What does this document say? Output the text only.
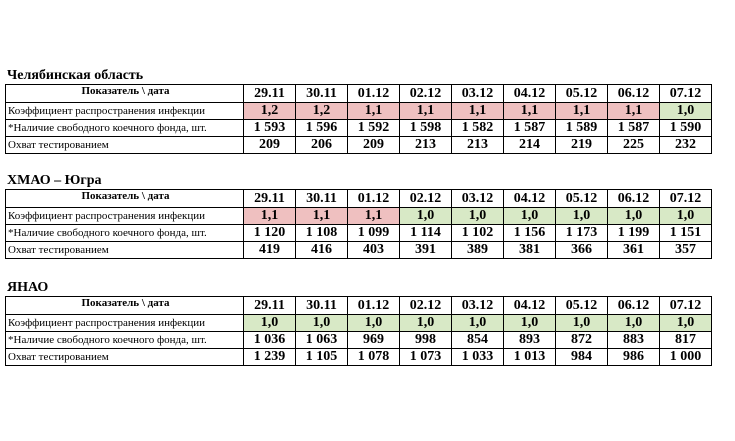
Челябинская область
Показатель \ дата	29.11	30.11	01.12	02.12	03.12	04.12	05.12	06.12	07.12
Коэффициент распространения инфекции	1,2	1,2	1,1	1,1	1,1	1,1	1,1	1,1	1,0
*Наличие свободного коечного фонда, шт.	1 593	1 596	1 592	1 598	1 582	1 587	1 589	1 587	1 590
Охват тестированием	209	206	209	213	213	214	219	225	232
ХМАО – Югра
Показатель \ дата	29.11	30.11	01.12	02.12	03.12	04.12	05.12	06.12	07.12
Коэффициент распространения инфекции	1,1	1,1	1,1	1,0	1,0	1,0	1,0	1,0	1,0
*Наличие свободного коечного фонда, шт.	1 120	1 108	1 099	1 114	1 102	1 156	1 173	1 199	1 151
Охват тестированием	419	416	403	391	389	381	366	361	357
ЯНАО
Показатель \ дата	29.11	30.11	01.12	02.12	03.12	04.12	05.12	06.12	07.12
Коэффициент распространения инфекции	1,0	1,0	1,0	1,0	1,0	1,0	1,0	1,0	1,0
*Наличие свободного коечного фонда, шт.	1 036	1 063	969	998	854	893	872	883	817
Охват тестированием	1 239	1 105	1 078	1 073	1 033	1 013	984	986	1 000
